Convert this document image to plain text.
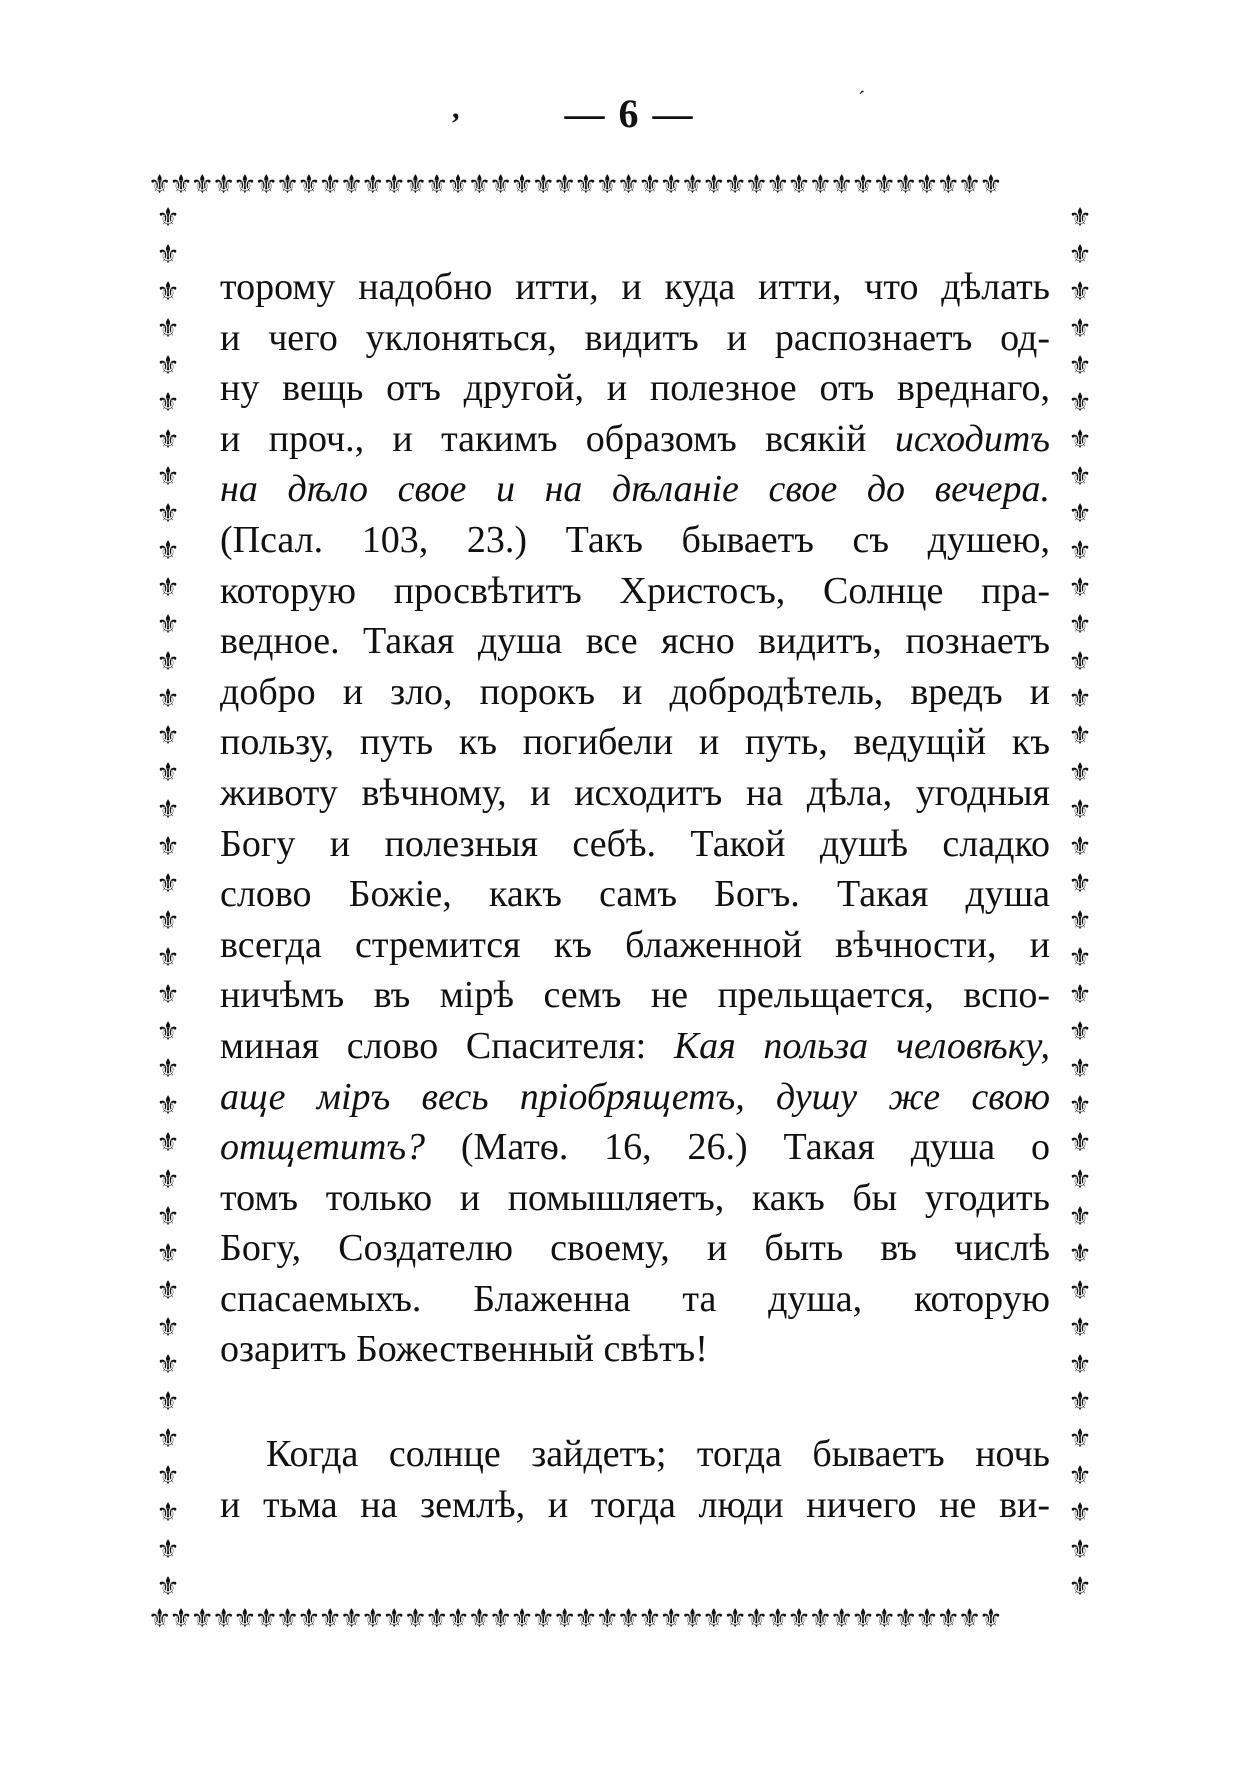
,	— 6 —	´
⚜⚜⚜⚜⚜⚜⚜⚜⚜⚜⚜⚜⚜⚜⚜⚜⚜⚜⚜⚜⚜⚜⚜⚜⚜⚜⚜⚜⚜⚜⚜⚜⚜⚜⚜⚜⚜⚜⚜⚜
⚜⚜⚜⚜⚜⚜⚜⚜⚜⚜⚜⚜⚜⚜⚜⚜⚜⚜⚜⚜⚜⚜⚜⚜⚜⚜⚜⚜⚜⚜⚜⚜⚜⚜⚜⚜⚜⚜⚜⚜
⚜
⚜
⚜
⚜
⚜
⚜
⚜
⚜
⚜
⚜
⚜
⚜
⚜
⚜
⚜
⚜
⚜
⚜
⚜
⚜
⚜
⚜
⚜
⚜
⚜
⚜
⚜
⚜
⚜
⚜
⚜
⚜
⚜
⚜
⚜
⚜
⚜
⚜
⚜
⚜
⚜
⚜
⚜
⚜
⚜
⚜
⚜
⚜
⚜
⚜
⚜
⚜
⚜
⚜
⚜
⚜
⚜
⚜
⚜
⚜
⚜
⚜
⚜
⚜
⚜
⚜
⚜
⚜
⚜
⚜
⚜
⚜
⚜
⚜
⚜
⚜
торому надобно итти, и куда итти, что дѣлать
и чего уклоняться, видитъ и распознаетъ од-
ну вещь отъ другой, и полезное отъ вреднаго,
и проч., и такимъ образомъ всякій исходитъ
на дѣло свое и на дѣланіе свое до вечера.
(Псал. 103, 23.) Такъ бываетъ съ душею,
которую просвѣтитъ Христосъ, Солнце пра-
ведное. Такая душа все ясно видитъ, познаетъ
добро и зло, порокъ и добродѣтель, вредъ и
пользу, путь къ погибели и путь, ведущій къ
животу вѣчному, и исходитъ на дѣла, угодныя
Богу и полезныя себѣ. Такой душѣ сладко
слово Божіе, какъ самъ Богъ. Такая душа
всегда стремится къ блаженной вѣчности, и
ничѣмъ въ мірѣ семъ не прельщается, вспо-
миная слово Спасителя: Кая польза человѣку,
аще міръ весь пріобрящетъ, душу же свою
отщетитъ? (Матѳ. 16, 26.) Такая душа о
томъ только и помышляетъ, какъ бы угодить
Богу, Создателю своему, и быть въ числѣ
спасаемыхъ. Блаженна та душа, которую
озаритъ Божественный свѣтъ!
Когда солнце зайдетъ; тогда бываетъ ночь
и тьма на землѣ, и тогда люди ничего не ви-
